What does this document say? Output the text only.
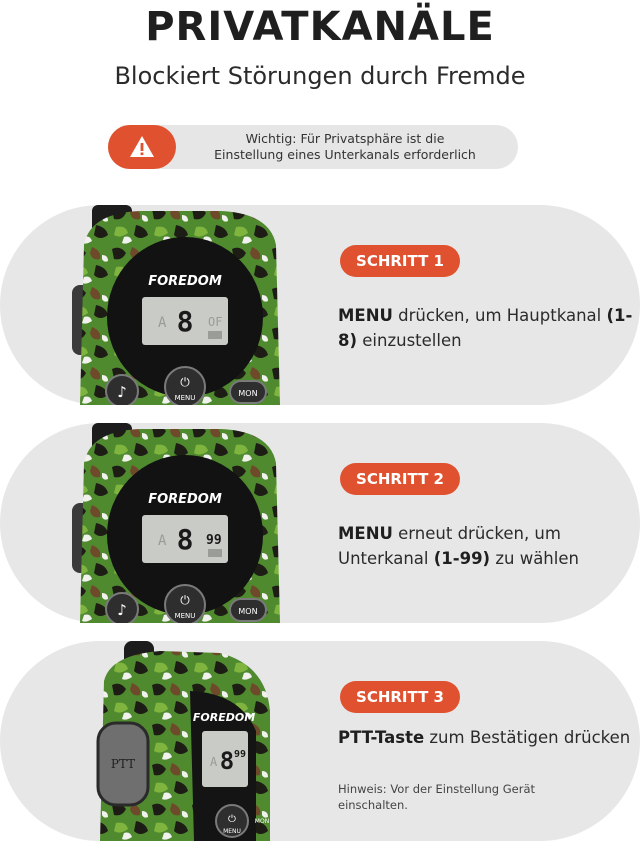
PRIVATKANÄLE
Blockiert Störungen durch Fremde
Wichtig: Für Privatsphäre ist die
Einstellung eines Unterkanals erforderlich
FOREDOM
A 8 OF
♪
⏻
MENU	MON
SCHRITT 1
MENU drücken, um Hauptkanal (1-8) einzustellen
FOREDOM
A 8 99
♪
⏻
MENU	MON
SCHRITT 2
MENU erneut drücken, um Unterkanal (1-99) zu wählen
FOREDOM
A 8 99
PTT
⏻
MENU
MON
SCHRITT 3
PTT-Taste zum Bestätigen drücken
Hinweis: Vor der Einstellung Gerät einschalten.
